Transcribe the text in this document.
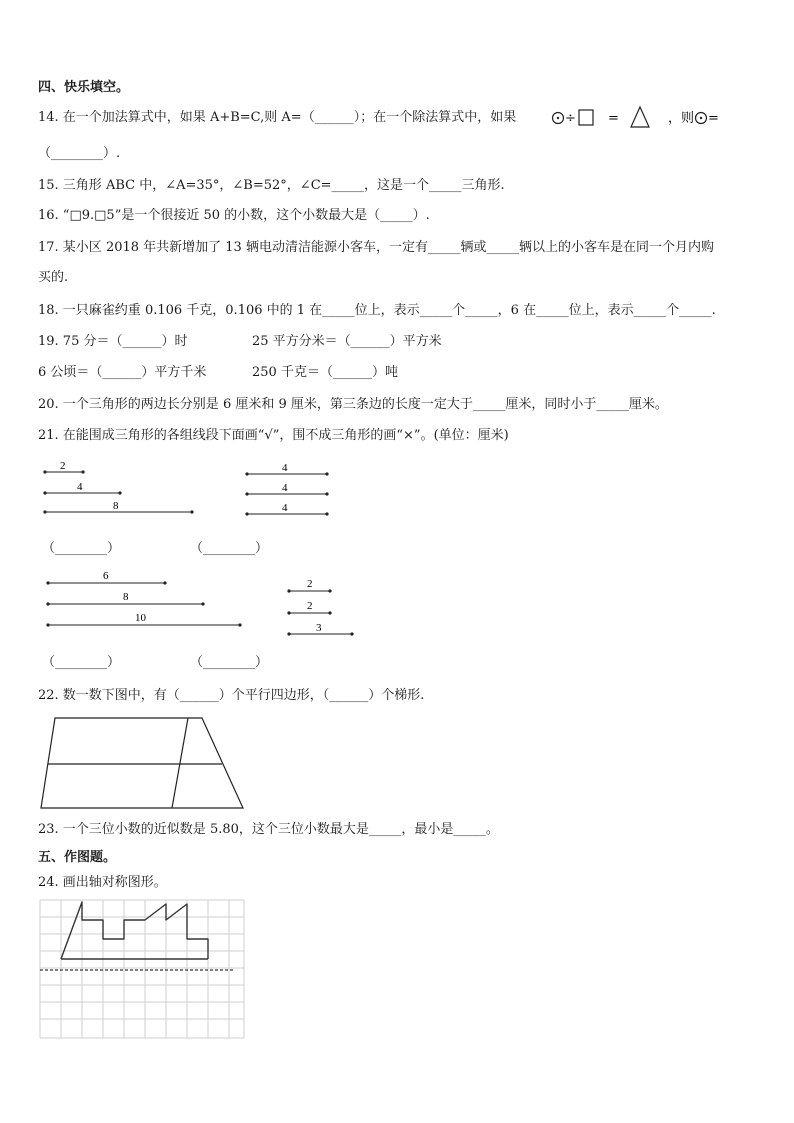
四、快乐填空。
14. 在一个加法算式中，如果 A+B=C,则 A=（______）；在一个除法算式中，如果	÷ =	，则 =
（________）.
15. 三角形 ABC 中，∠A=35°，∠B=52°，∠C=_____，这是一个_____三角形.
16. “□9.□5”是一个很接近 50 的小数，这个小数最大是（_____）.
17. 某小区 2018 年共新增加了 13 辆电动清洁能源小客车，一定有_____辆或_____辆以上的小客车是在同一个月内购
买的.
18. 一只麻雀约重 0.106 千克，0.106 中的 1 在_____位上，表示_____个_____，6 在_____位上，表示_____个_____.
19. 75 分＝（______）时	25 平方分米＝（______）平方米
6 公顷＝（______）平方千米	250 千克＝（______）吨
20. 一个三角形的两边长分别是 6 厘米和 9 厘米，第三条边的长度一定大于_____厘米，同时小于_____厘米。
21. 在能围成三角形的各组线段下面画“√”，围不成三角形的画“×”。(单位：厘米)
2
4
8
4
4
4
（________）	（________）
6
8
10
2
2
3
（________）	（________）
22. 数一数下图中，有（______）个平行四边形，（______）个梯形.
23. 一个三位小数的近似数是 5.80，这个三位小数最大是_____，最小是_____。
五、作图题。
24. 画出轴对称图形。
